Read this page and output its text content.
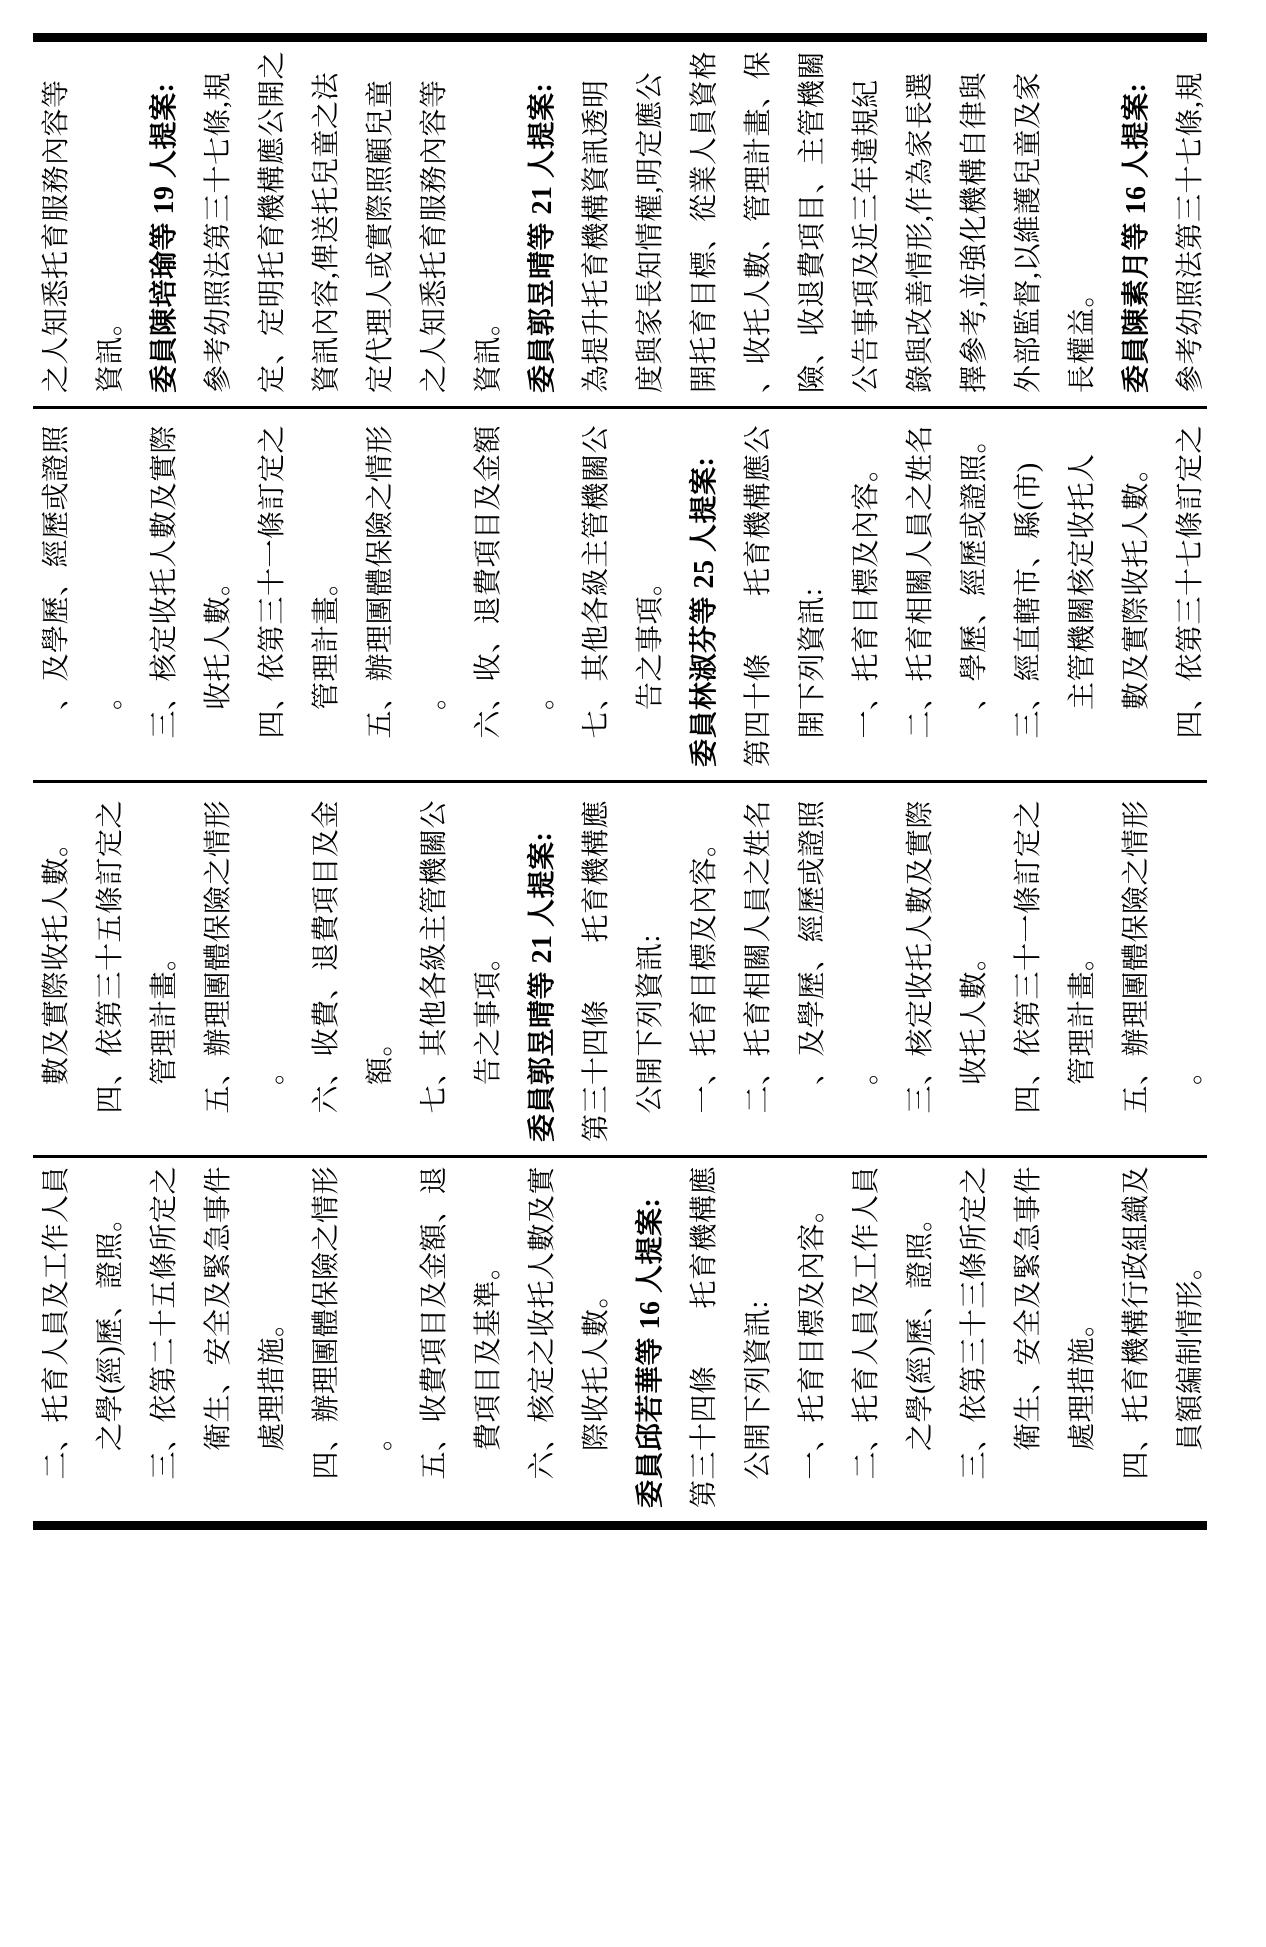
之人知悉托育服務內容等 資訊。 委員陳培瑜等 19 人提案: 參考幼照法第三十七條,規 定、定明托育機構應公開之 資訊內容,俾送托兒童之法 定代理人或實際照顧兒童 之人知悉托育服務內容等 資訊。 委員郭昱晴等 21 人提案: 為提升托育機構資訊透明 度與家長知情權,明定應公 開托育目標、從業人員資格 、收托人數、管理計畫、保 險、收退費項目、主管機關 公告事項及近三年違規紀 錄與改善情形,作為家長選 擇參考,並強化機構自律與 外部監督,以維護兒童及家 長權益。 委員陳素月等 16 人提案: 參考幼照法第三十七條,規
、及學歷、經歷或證照 。 三、核定收托人數及實際 收托人數。 四、依第三十一條訂定之 管理計畫。 五、辦理團體保險之情形 。 六、收、退費項目及金額 。 七、其他各級主管機關公 告之事項。 委員林淑芬等 25 人提案: 第四十條　　托育機構應公 開下列資訊: 一、托育目標及內容。 二、托育相關人員之姓名 、學歷、經歷或證照。 三、經直轄市、縣(市) 主管機關核定收托人 數及實際收托人數。 四、依第三十七條訂定之
數及實際收托人數。 四、依第三十五條訂定之 管理計畫。 五、辦理團體保險之情形 。 六、收費、退費項目及金 額。 七、其他各級主管機關公 告之事項。 委員郭昱晴等 21 人提案: 第三十四條　　托育機構應 公開下列資訊: 一、托育目標及內容。 二、托育相關人員之姓名 、及學歷、經歷或證照 。 三、核定收托人數及實際 收托人數。 四、依第三十一條訂定之 管理計畫。 五、辦理團體保險之情形 。
二、托育人員及工作人員 之學(經)歷、證照。 三、依第二十五條所定之 衛生、安全及緊急事件 處理措施。 四、辦理團體保險之情形 。 五、收費項目及金額、退 費項目及基準。 六、核定之收托人數及實 際收托人數。 委員邱若華等 16 人提案: 第三十四條　　托育機構應 公開下列資訊: 一、托育目標及內容。 二、托育人員及工作人員 之學(經)歷、證照。 三、依第三十三條所定之 衛生、安全及緊急事件 處理措施。 四、托育機構行政組織及 員額編制情形。
